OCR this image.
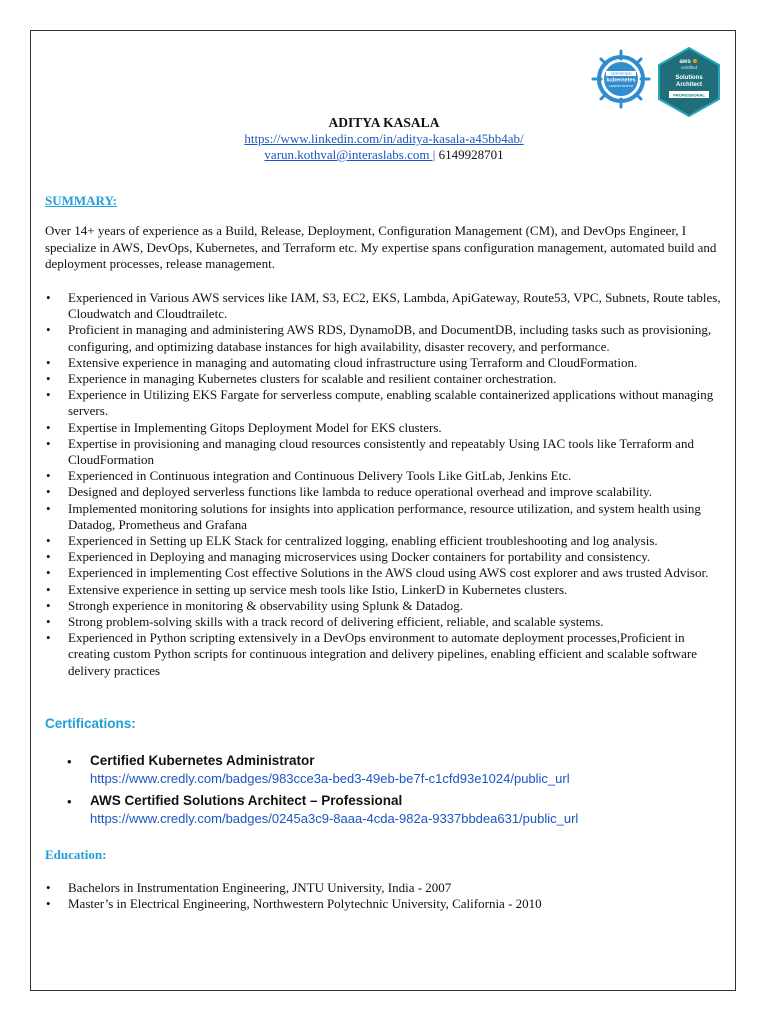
CERTIFIED
kubernetes
ADMINISTRATOR
aws
certified
Solutions
Architect
PROFESSIONAL
ADITYA KASALA
https://www.linkedin.com/in/aditya-kasala-a45bb4ab/
varun.kothval@interaslabs.com | 6149928701
SUMMARY:
Over 14+ years of experience as a Build, Release, Deployment, Configuration Management (CM), and DevOps Engineer, I specialize in AWS, DevOps, Kubernetes, and Terraform etc. My expertise spans configuration management, automated build and deployment processes, release management.
• Experienced in Various AWS services like IAM, S3, EC2, EKS, Lambda, ApiGateway, Route53, VPC, Subnets, Route tables, Cloudwatch and Cloudtrailetc.
• Proficient in managing and administering AWS RDS, DynamoDB, and DocumentDB, including tasks such as provisioning, configuring, and optimizing database instances for high availability, disaster recovery, and performance.
• Extensive experience in managing and automating cloud infrastructure using Terraform and CloudFormation.
• Experience in managing Kubernetes clusters for scalable and resilient container orchestration.
• Experience in Utilizing EKS Fargate for serverless compute, enabling scalable containerized applications without managing servers.
• Expertise in Implementing Gitops Deployment Model for EKS clusters.
• Expertise in provisioning and managing cloud resources consistently and repeatably Using IAC tools like Terraform and CloudFormation
• Experienced in Continuous integration and Continuous Delivery Tools Like GitLab, Jenkins Etc.
• Designed and deployed serverless functions like lambda to reduce operational overhead and improve scalability.
• Implemented monitoring solutions for insights into application performance, resource utilization, and system health using Datadog, Prometheus and Grafana
• Experienced in Setting up ELK Stack for centralized logging, enabling efficient troubleshooting and log analysis.
• Experienced in Deploying and managing microservices using Docker containers for portability and consistency.
• Experienced in implementing Cost effective Solutions in the AWS cloud using AWS cost explorer and aws trusted Advisor.
• Extensive experience in setting up service mesh tools like Istio, LinkerD in Kubernetes clusters.
• Strongh experience in monitoring & observability using Splunk & Datadog.
• Strong problem-solving skills with a track record of delivering efficient, reliable, and scalable systems.
• Experienced in Python scripting extensively in a DevOps environment to automate deployment processes,Proficient in creating custom Python scripts for continuous integration and delivery pipelines, enabling efficient and scalable software delivery practices
Certifications:
• Certified Kubernetes Administrator
https://www.credly.com/badges/983cce3a-bed3-49eb-be7f-c1cfd93e1024/public_url
• AWS Certified Solutions Architect – Professional
https://www.credly.com/badges/0245a3c9-8aaa-4cda-982a-9337bbdea631/public_url
Education:
• Bachelors in Instrumentation Engineering, JNTU University, India - 2007
• Master’s in Electrical Engineering, Northwestern Polytechnic University, California - 2010
